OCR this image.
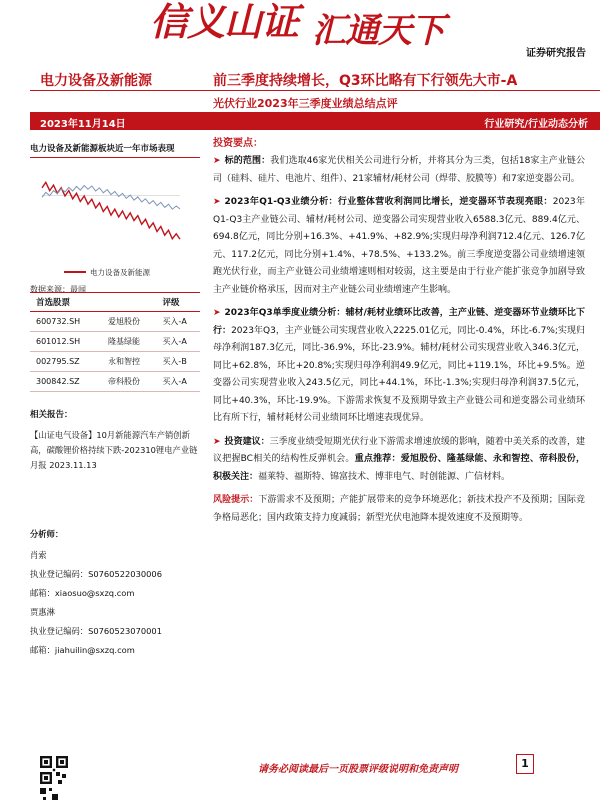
信义山证 汇通天下
证券研究报告
电力设备及新能源	前三季度持续增长，Q3环比略有下行领先大市-A
光伏行业2023年三季度业绩总结点评
2023年11月14日	行业研究/行业动态分析
电力设备及新能源板块近一年市场表现
电力设备及新能源
数据来源：最闻
首选股票		评级
600732.SH	爱旭股份	买入-A
601012.SH	隆基绿能	买入-A
002795.SZ	永和智控	买入-B
300842.SZ	帝科股份	买入-A
相关报告：
【山证电气设备】10月新能源汽车产销创新高，碳酸锂价格持续下跌-202310锂电产业链月报 2023.11.13
分析师：
肖索
执业登记编码：S0760522030006
邮箱：xiaosuo@sxzq.com
贾惠淋
执业登记编码：S0760523070001
邮箱：jiahuilin@sxzq.com
投资要点：
➤ 标的范围：我们选取46家光伏相关公司进行分析，并将其分为三类，包括18家主产业链公司（硅料、硅片、电池片、组件）、21家辅材/耗材公司（焊带、胶膜等）和7家逆变器公司。
➤ 2023年Q1-Q3业绩分析：行业整体营收利润同比增长，逆变器环节表现亮眼：2023年Q1-Q3主产业链公司、辅材/耗材公司、逆变器公司实现营业收入6588.3亿元、889.4亿元、694.8亿元，同比分别+16.3%、+41.9%、+82.9%;实现归母净利润712.4亿元、126.7亿元、117.2亿元，同比分别+1.4%、+78.5%、+133.2%。前三季度逆变器公司业绩增速领跑光伏行业，而主产业链公司业绩增速则相对较弱，这主要是由于行业产能扩张竞争加剧导致主产业链价格承压，因而对主产业链公司业绩增速产生影响。
➤ 2023年Q3单季度业绩分析：辅材/耗材业绩环比改善，主产业链、逆变器环节业绩环比下行：2023年Q3，主产业链公司实现营业收入2225.01亿元，同比-0.4%，环比-6.7%;实现归母净利润187.3亿元，同比-36.9%，环比-23.9%。辅材/耗材公司实现营业收入346.3亿元，同比+62.8%，环比+20.8%;实现归母净利润49.9亿元，同比+119.1%，环比+9.5%。逆变器公司实现营业收入243.5亿元，同比+44.1%，环比-1.3%;实现归母净利润37.5亿元，同比+40.3%，环比-19.9%。下游需求恢复不及预期导致主产业链公司和逆变器公司业绩环比有所下行，辅材耗材公司业绩同环比增速表现优异。
➤ 投资建议：三季度业绩受短期光伏行业下游需求增速放缓的影响，随着中美关系的改善，建议把握BC相关的结构性反弹机会。重点推荐：爱旭股份、隆基绿能、永和智控、帝科股份，积极关注：福莱特、福斯特、锦富技术、博菲电气、时创能源、广信材料。
风险提示：下游需求不及预期；产能扩展带来的竞争环境恶化；新技术投产不及预期；国际竞争格局恶化；国内政策支持力度减弱；新型光伏电池降本提效速度不及预期等。
请务必阅读最后一页股票评级说明和免责声明	1
